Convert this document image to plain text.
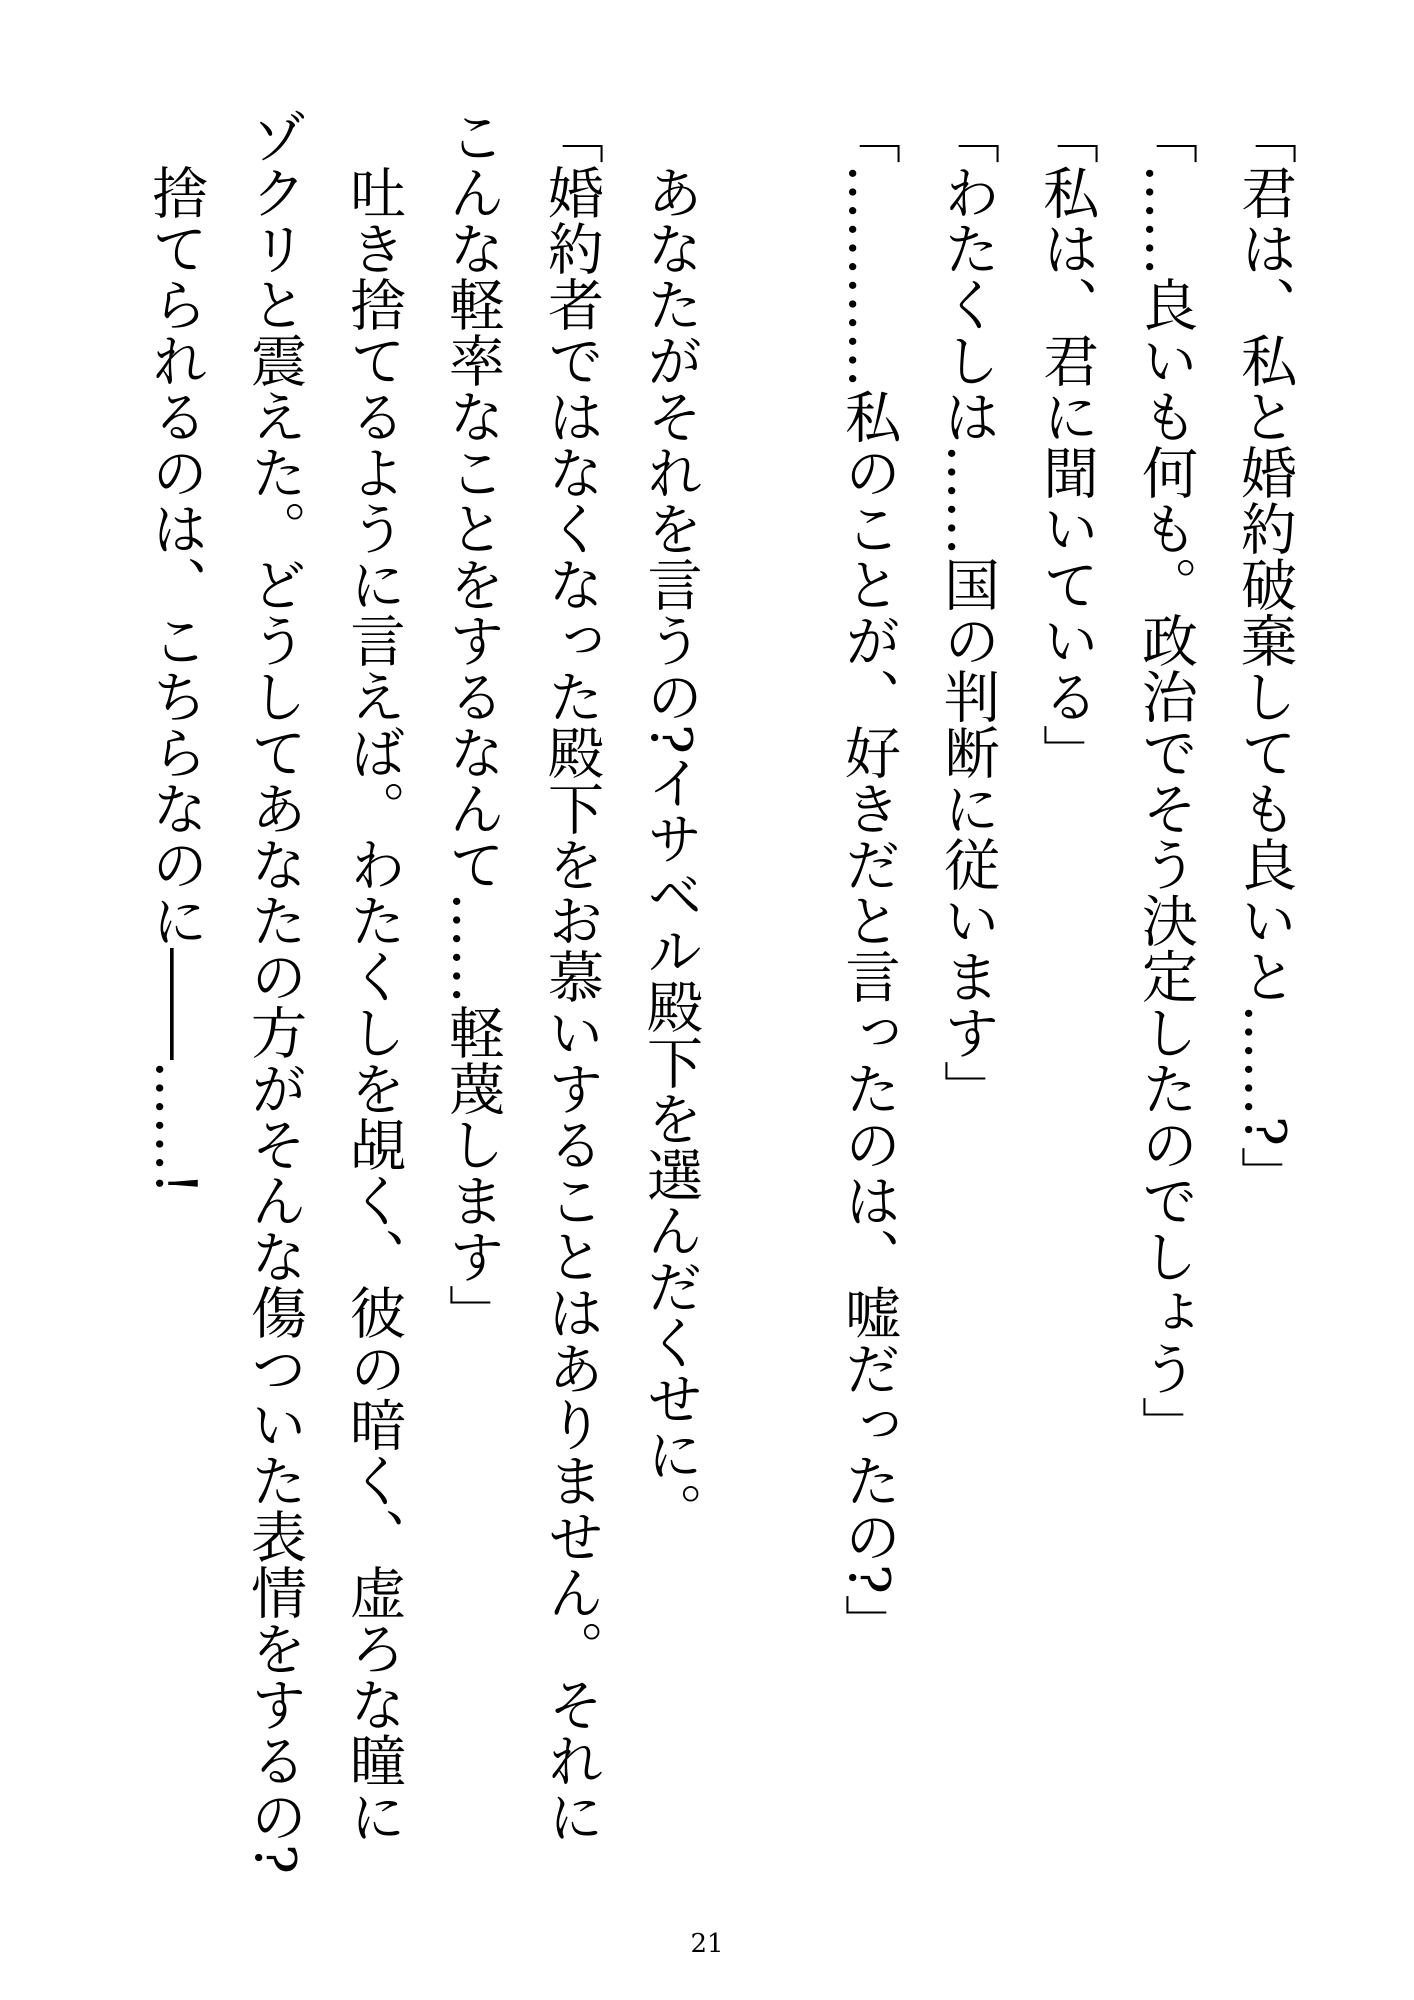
「君は、私と婚約破棄しても良いと……?」

「……良いも何も。政治でそう決定したのでしょう」

「私は、君に聞いている」

「わたくしは……国の判断に従います」

「…………私のことが、好きだと言ったのは、嘘だったの?」

あなたがそれを言うの?イサベル殿下を選んだくせに。

「婚約者ではなくなった殿下をお慕いすることはありません。それに
こんな軽率なことをするなんて……軽蔑します」

吐き捨てるように言えば。わたくしを覘く、彼の暗く、虚ろな瞳に
ゾクリと震えた。どうしてあなたの方がそんな傷ついた表情をするの?

捨てられるのは、こちらなのに――……!

21
